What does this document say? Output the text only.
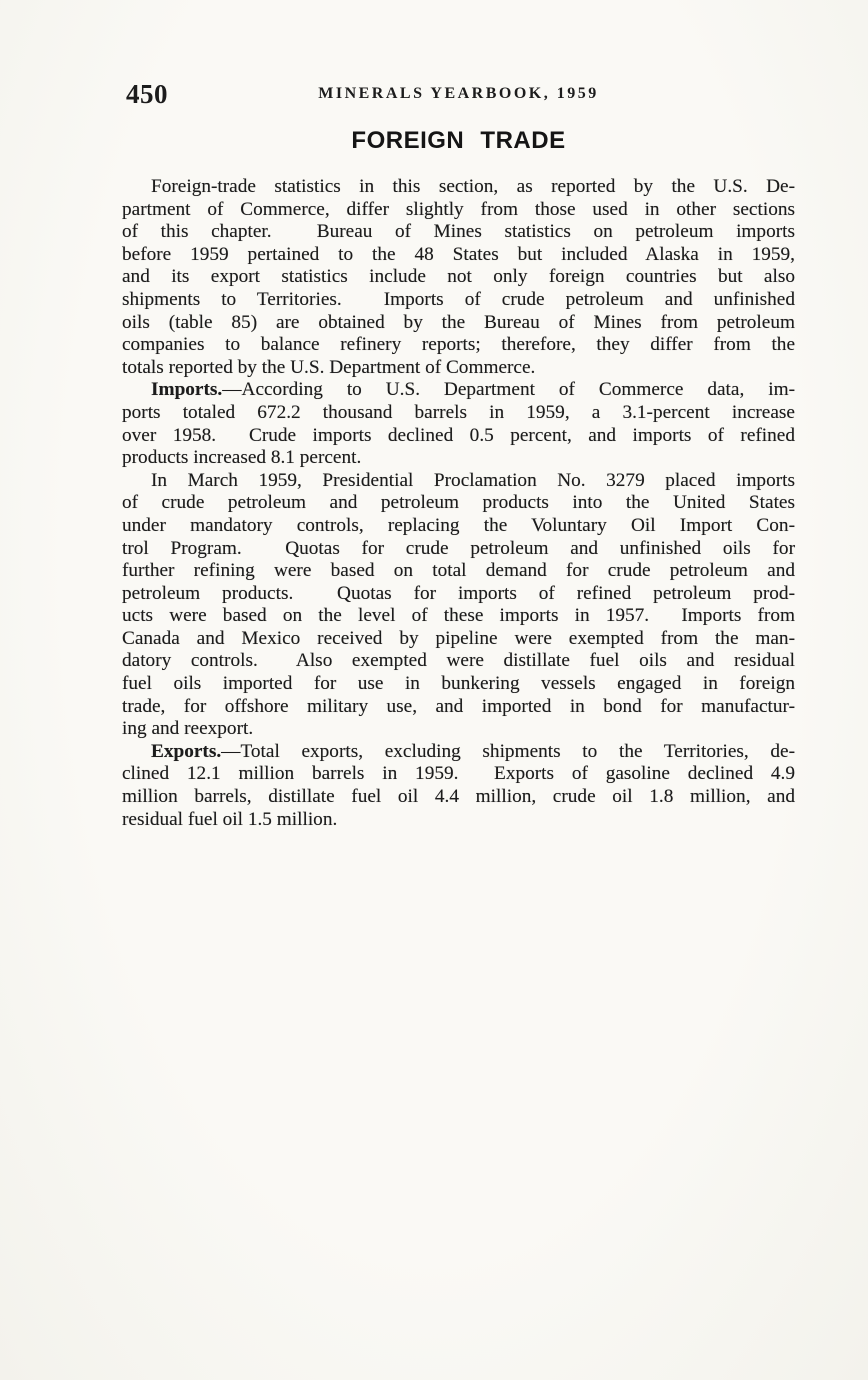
450	MINERALS YEARBOOK, 1959
FOREIGN TRADE
Foreign-trade statistics in this section, as reported by the U.S. De-
partment of Commerce, differ slightly from those used in other sections
of this chapter.  Bureau of Mines statistics on petroleum imports
before 1959 pertained to the 48 States but included Alaska in 1959,
and its export statistics include not only foreign countries but also
shipments to Territories.  Imports of crude petroleum and unfinished
oils (table 85) are obtained by the Bureau of Mines from petroleum
companies to balance refinery reports; therefore, they differ from the
totals reported by the U.S. Department of Commerce.
Imports.—According to U.S. Department of Commerce data, im-
ports totaled 672.2 thousand barrels in 1959, a 3.1-percent increase
over 1958.  Crude imports declined 0.5 percent, and imports of refined
products increased 8.1 percent.
In March 1959, Presidential Proclamation No. 3279 placed imports
of crude petroleum and petroleum products into the United States
under mandatory controls, replacing the Voluntary Oil Import Con-
trol Program.  Quotas for crude petroleum and unfinished oils for
further refining were based on total demand for crude petroleum and
petroleum products.  Quotas for imports of refined petroleum prod-
ucts were based on the level of these imports in 1957.  Imports from
Canada and Mexico received by pipeline were exempted from the man-
datory controls.  Also exempted were distillate fuel oils and residual
fuel oils imported for use in bunkering vessels engaged in foreign
trade, for offshore military use, and imported in bond for manufactur-
ing and reexport.
Exports.—Total exports, excluding shipments to the Territories, de-
clined 12.1 million barrels in 1959.  Exports of gasoline declined 4.9
million barrels, distillate fuel oil 4.4 million, crude oil 1.8 million, and
residual fuel oil 1.5 million.
